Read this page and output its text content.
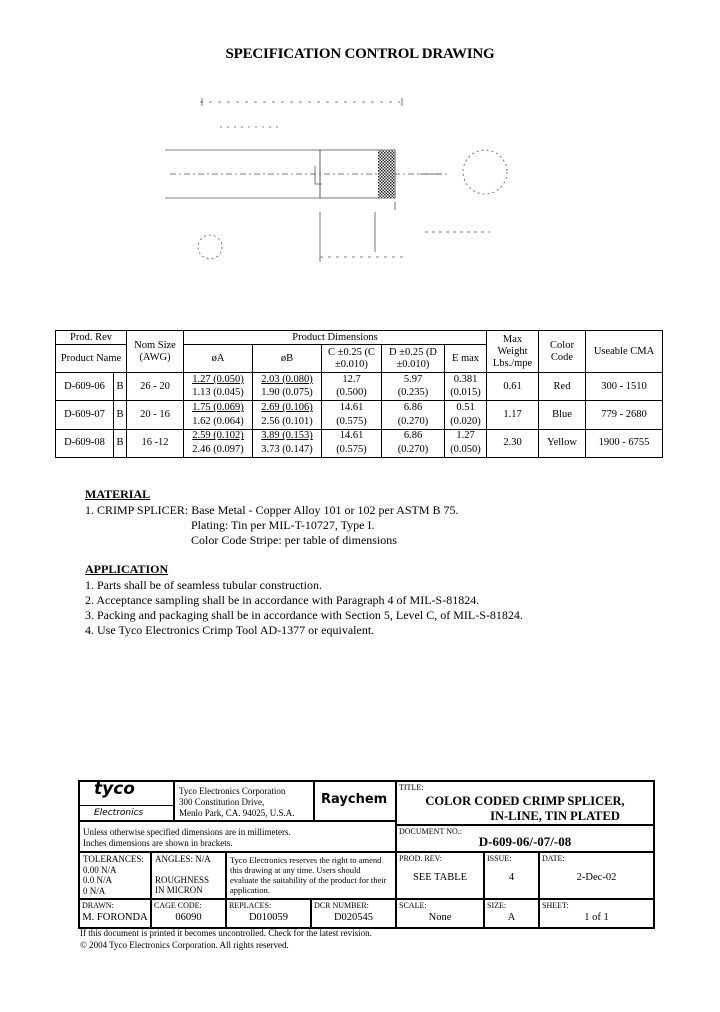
SPECIFICATION CONTROL DRAWING
Prod. Rev		Nom Size (AWG)	Product Dimensions					Max Weight Lbs./mpe	Color Code	Useable CMA
Product Name			øA	øB	C ±0.25 (C ±0.010)	D ±0.25 (D ±0.010)	E max			

D-609-06	B	26 - 20	1.27 (0.050)	2.03 (0.080)	12.7	5.97	0.381	0.61	Red	300 - 1510
			1.13 (0.045)	1.90 (0.075)	(0.500)	(0.235)	(0.015)			
D-609-07	B	20 - 16	1.75 (0.069)	2.69 (0.106)	14.61	6.86	0.51	1.17	Blue	779 - 2680
			1.62 (0.064)	2.56 (0.101)	(0.575)	(0.270)	(0.020)			
D-609-08	B	16 -12	2.59 (0.102)	3.89 (0.153)	14.61	6.86	1.27	2.30	Yellow	1900 - 6755
			2.46 (0.097)	3.73 (0.147)	(0.575)	(0.270)	(0.050)			
MATERIAL
1. CRIMP SPLICER: Base Metal - Copper Alloy 101 or 102 per ASTM B 75.
Plating: Tin per MIL-T-10727, Type I.
Color Code Stripe: per table of dimensions
APPLICATION
1. Parts shall be of seamless tubular construction.
2. Acceptance sampling shall be in accordance with Paragraph 4 of MIL-S-81824.
3. Packing and packaging shall be in accordance with Section 5, Level C, of MIL-S-81824.
4. Use Tyco Electronics Crimp Tool AD-1377 or equivalent.
tyco
Electronics
Tyco Electronics Corporation
300 Constitution Drive,
Menlo Park, CA. 94025, U.S.A.
Raychem
TITLE:
COLOR CODED CRIMP SPLICER,
IN-LINE, TIN PLATED
Unless otherwise specified dimensions are in millimeters.
Inches dimensions are shown in brackets.
DOCUMENT NO.:
D-609-06/-07/-08
TOLERANCES:
0.00 N/A
0.0 N/A
0 N/A
ANGLES: N/A
ROUGHNESS IN MICRON
Tyco Electronics reserves the right to amend
this drawing at any time. Users should
evaluate the suitability of the product for their
application.
PROD. REV:
SEE TABLE
ISSUE:
4
DATE:
2-Dec-02
DRAWN:
M. FORONDA
CAGE CODE:
06090
REPLACES:
D010059
DCR NUMBER:
D020545
SCALE:
None
SIZE:
A
SHEET:
1 of 1
If this document is printed it becomes uncontrolled. Check for the latest revision.
© 2004 Tyco Electronics Corporation. All rights reserved.
